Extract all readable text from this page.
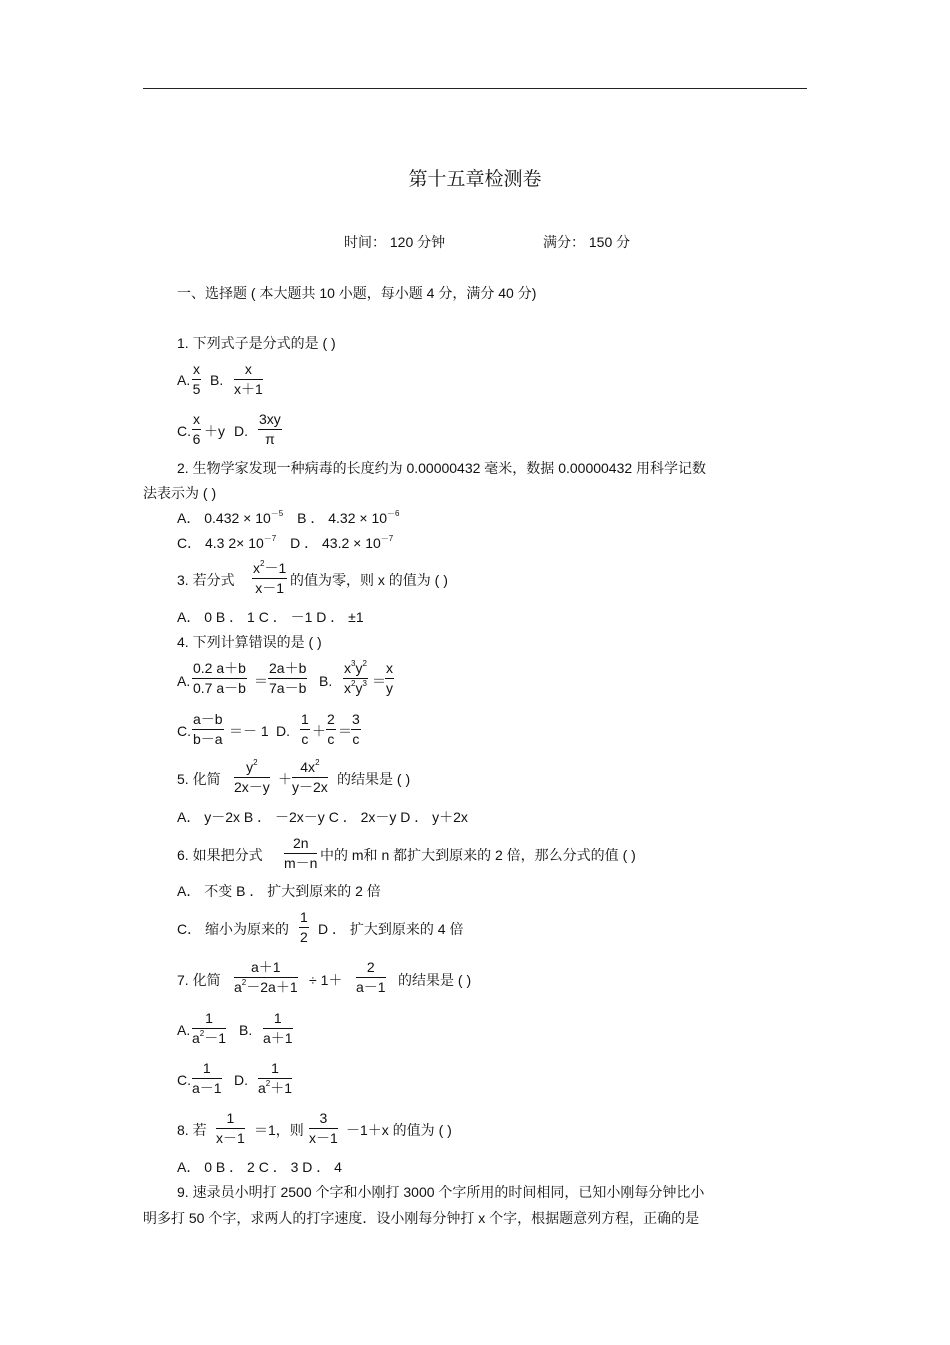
第十五章检测卷
时间： 120 分钟	满分： 150 分
一、选择题 ( 本大题共 10 小题，每小题 4 分，满分 40 分)
1. 下列式子是分式的是 ( )
A. $\frac{x}{5} B$. $\frac{x}{x+1}$
C. $\frac{x}{6} +y$ D. $\frac{3xy}{\pi}$
2. 生物学家发现一种病毒的长度约为 0.00000432 毫米，数据 0.00000432 用科学记数
法表示为 ( )
A． $0.432 \times 10^{-5}$ B ． $4.32 \times 10^{-6}$
C． 4.3 $2\times 10^{-7}$ D ． $43.2 \times 10^{-7}$
3. 若分式 $\frac{x^2-1}{x-1}$ 的值为零，则 x 的值为 ( )
A． 0 B ． 1 C ． －1 D ． ±1
4. 下列计算错误的是 ( )
A. $\frac{0.2 a+b}{0.7 a-b} = \frac{2a+b}{7a-b} B$. $\frac{x^3y^2}{x^2y^3} = \frac{x}{y}$
C. $\frac{a-b}{b-a} =- 1$ D. $\frac{1}{c} + \frac{2}{c} = \frac{3}{c}$
5. 化简 $\frac{y^2}{2x-y} + \frac{4x^2}{y-2x}$ 的结果是 ( )
A． y－2x B ． －2x－y C ． 2x－y D ． y＋2x
6. 如果把分式 $\frac{2n}{m-n}$ 中的 m和 n 都扩大到原来的 2 倍，那么分式的值 ( )
A． 不变 B ． 扩大到原来的 2 倍
C． 缩小为原来的 $\frac{1}{2}$ D ． 扩大到原来的 4 倍
7. 化简 $\frac{a+1}{a^2-2a+1} \div 1+ \frac{2}{a-1}$ 的结果是 ( )
A. $\frac{1}{a^2-1} B$. $\frac{1}{a+1}$
C. $\frac{1}{a-1} D$. $\frac{1}{a^2+1}$
8. 若 $\frac{1}{x-1} =1$，则 $\frac{3}{x-1} -1+x$ 的值为 ( )
A． 0 B ． 2 C ． 3 D ． 4
9. 速录员小明打 2500 个字和小刚打 3000 个字所用的时间相同，已知小刚每分钟比小
明多打 50 个字，求两人的打字速度．设小刚每分钟打 x 个字，根据题意列方程，正确的是
